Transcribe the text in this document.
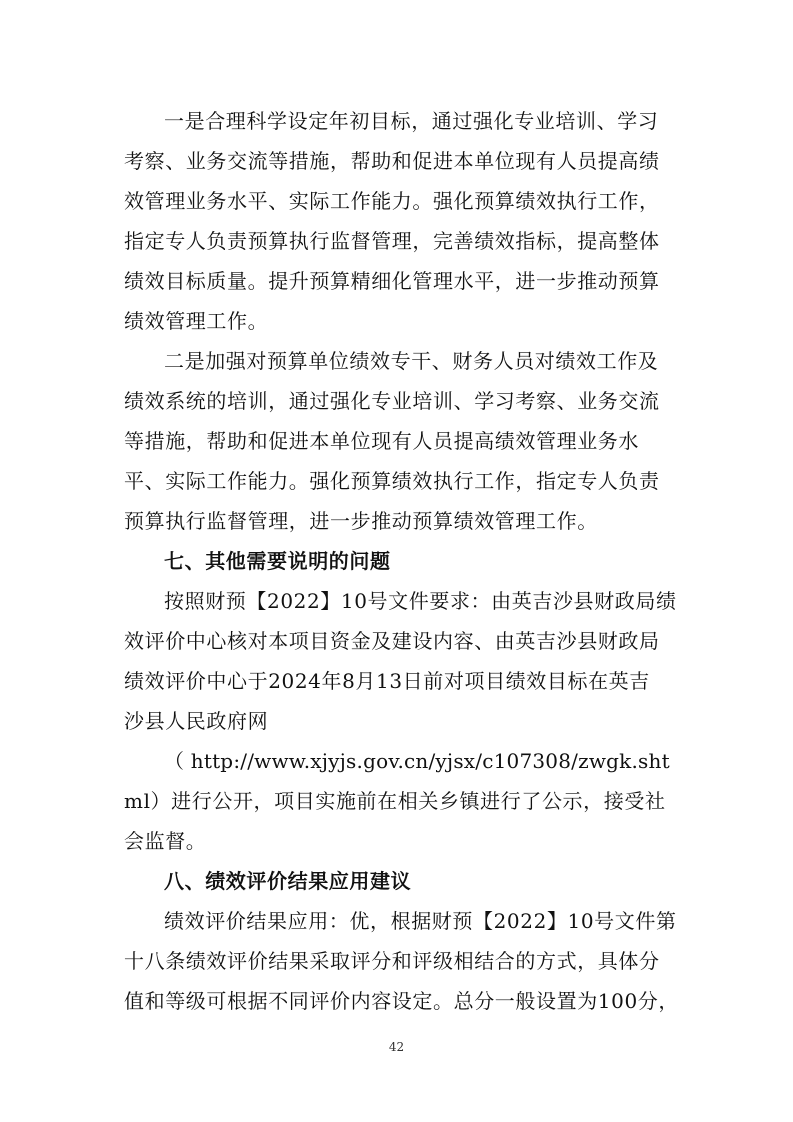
一是合理科学设定年初目标，通过强化专业培训、学习
考察、业务交流等措施，帮助和促进本单位现有人员提高绩
效管理业务水平、实际工作能力。强化预算绩效执行工作，
指定专人负责预算执行监督管理，完善绩效指标，提高整体
绩效目标质量。提升预算精细化管理水平，进一步推动预算
绩效管理工作。
二是加强对预算单位绩效专干、财务人员对绩效工作及
绩效系统的培训，通过强化专业培训、学习考察、业务交流
等措施，帮助和促进本单位现有人员提高绩效管理业务水
平、实际工作能力。强化预算绩效执行工作，指定专人负责
预算执行监督管理，进一步推动预算绩效管理工作。
七、其他需要说明的问题
按照财预【2022】10号文件要求：由英吉沙县财政局绩
效评价中心核对本项目资金及建设内容、由英吉沙县财政局
绩效评价中心于2024年8月13日前对项目绩效目标在英吉
沙县人民政府网
（ http://www.xjyjs.gov.cn/yjsx/c107308/zwgk.sht
ml）进行公开，项目实施前在相关乡镇进行了公示，接受社
会监督。
八、绩效评价结果应用建议
绩效评价结果应用：优，根据财预【2022】10号文件第
十八条绩效评价结果采取评分和评级相结合的方式，具体分
值和等级可根据不同评价内容设定。总分一般设置为100分，
42
